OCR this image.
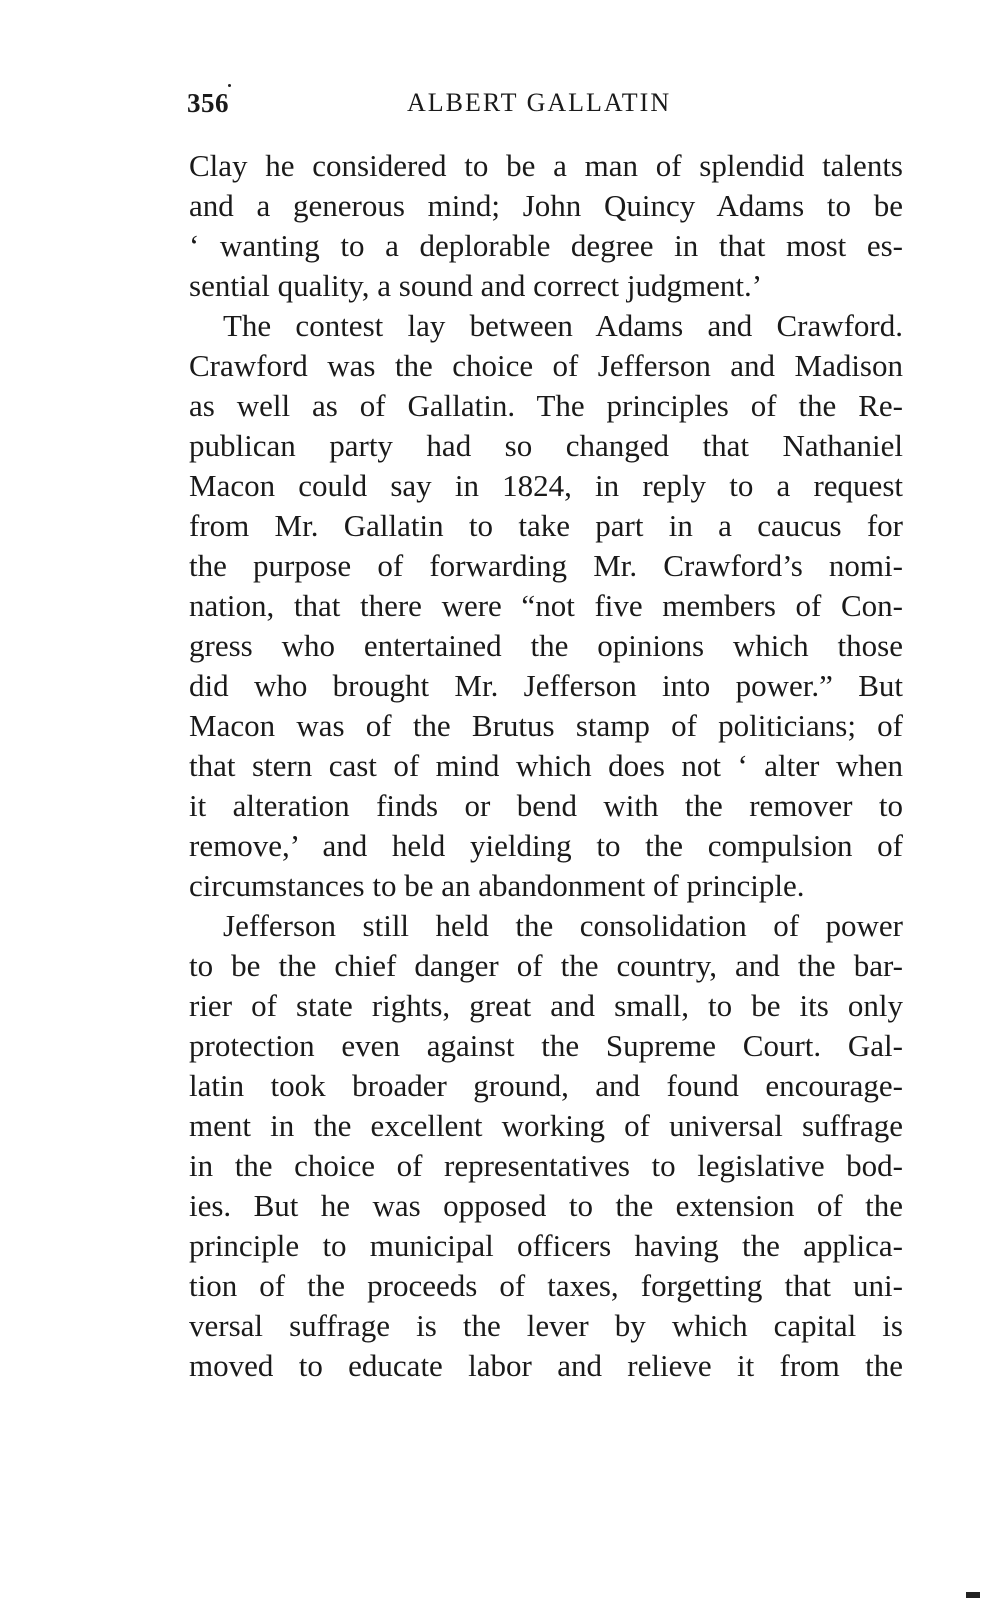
356	ALBERT GALLATIN
Clay he considered to be a man of splendid talents
and a generous mind; John Quincy Adams to be
‘ wanting to a deplorable degree in that most es-
sential quality, a sound and correct judgment.’
The contest lay between Adams and Crawford.
Crawford was the choice of Jefferson and Madison
as well as of Gallatin. The principles of the Re-
publican party had so changed that Nathaniel
Macon could say in 1824, in reply to a request
from Mr. Gallatin to take part in a caucus for
the purpose of forwarding Mr. Crawford’s nomi-
nation, that there were “not five members of Con-
gress who entertained the opinions which those
did who brought Mr. Jefferson into power.” But
Macon was of the Brutus stamp of politicians; of
that stern cast of mind which does not ‘ alter when
it alteration finds or bend with the remover to
remove,’ and held yielding to the compulsion of
circumstances to be an abandonment of principle.
Jefferson still held the consolidation of power
to be the chief danger of the country, and the bar-
rier of state rights, great and small, to be its only
protection even against the Supreme Court. Gal-
latin took broader ground, and found encourage-
ment in the excellent working of universal suffrage
in the choice of representatives to legislative bod-
ies. But he was opposed to the extension of the
principle to municipal officers having the applica-
tion of the proceeds of taxes, forgetting that uni-
versal suffrage is the lever by which capital is
moved to educate labor and relieve it from the
